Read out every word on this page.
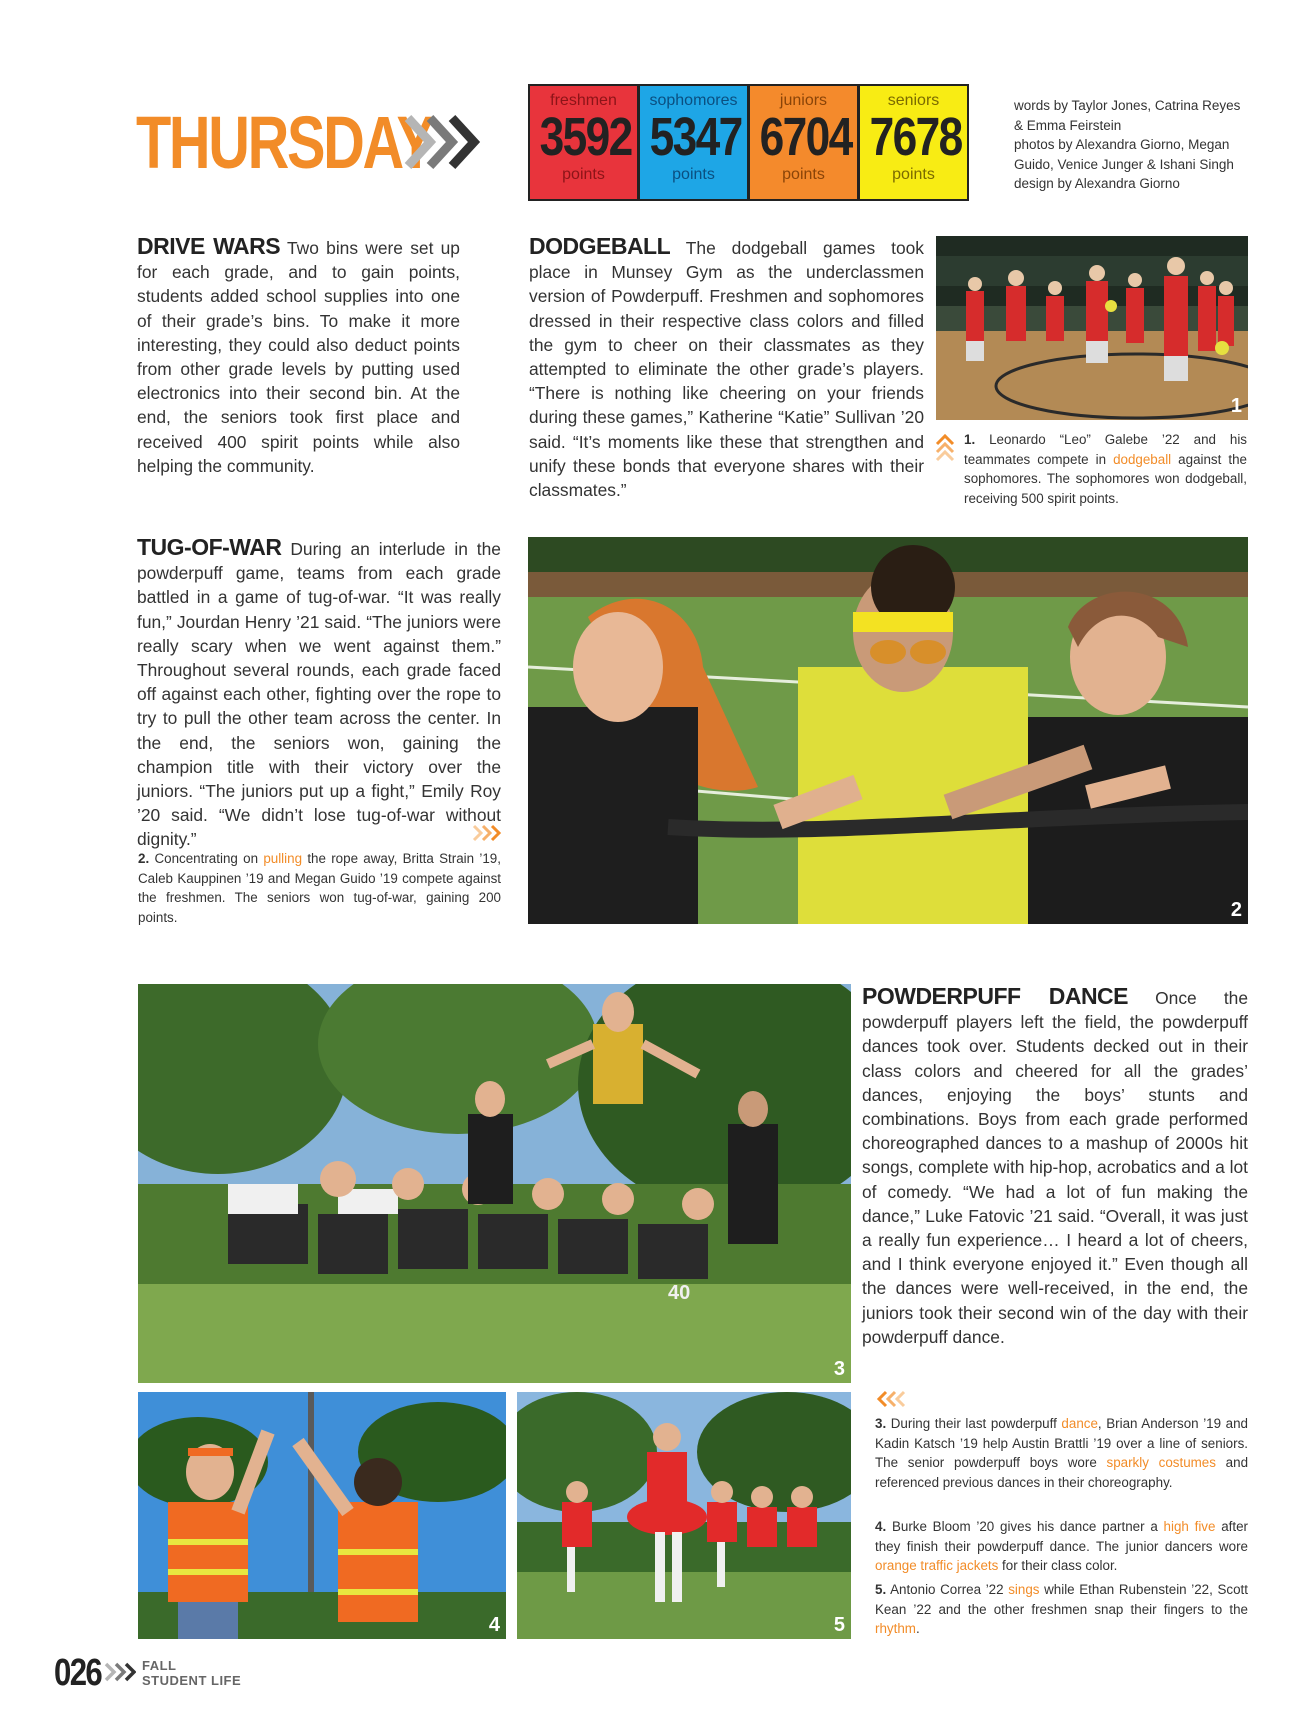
THURSDAY
freshmen
3592
points
sophomores
5347
points
juniors
6704
points
seniors
7678
points
words by Taylor Jones, Catrina Reyes
& Emma Feirstein
photos by Alexandra Giorno, Megan
Guido, Venice Junger & Ishani Singh
design by Alexandra Giorno
DRIVE WARS Two bins were set up for each grade, and to gain points, students added school supplies into one of their grade’s bins. To make it more interesting, they could also deduct points from other grade levels by putting used electronics into their second bin. At the end, the seniors took first place and received 400 spirit points while also helping the community.
DODGEBALL The dodgeball games took place in Munsey Gym as the underclassmen version of Powderpuff. Freshmen and sophomores dressed in their respective class colors and filled the gym to cheer on their classmates as they attempted to eliminate the other grade’s players. “There is nothing like cheering on your friends during these games,” Katherine “Katie” Sullivan ’20 said. “It’s moments like these that strengthen and unify these bonds that everyone shares with their classmates.”
1
1. Leonardo “Leo” Galebe ’22 and his teammates compete in dodgeball against the sophomores. The sophomores won dodgeball, receiving 500 spirit points.
TUG-OF-WAR During an interlude in the powderpuff game, teams from each grade battled in a game of tug-of-war. “It was really fun,” Jourdan Henry ’21 said. “The juniors were really scary when we went against them.” Throughout several rounds, each grade faced off against each other, fighting over the rope to try to pull the other team across the center. In the end, the seniors won, gaining the champion title with their victory over the juniors. “The juniors put up a fight,” Emily Roy ’20 said. “We didn’t lose tug-of-war without dignity.”
2. Concentrating on pulling the rope away, Britta Strain ’19, Caleb Kauppinen ’19 and Megan Guido ’19 compete against the freshmen. The seniors won tug-of-war, gaining 200 points.	2
40
3
POWDERPUFF DANCE Once the powderpuff players left the field, the powderpuff dances took over. Students decked out in their class colors and cheered for all the grades’ dances, enjoying the boys’ stunts and combinations. Boys from each grade performed choreographed dances to a mashup of 2000s hit songs, complete with hip-hop, acrobatics and a lot of comedy. “We had a lot of fun making the dance,” Luke Fatovic ’21 said. “Overall, it was just a really fun experience… I heard a lot of cheers, and I think everyone enjoyed it.” Even though all the dances were well-received, in the end, the juniors took their second win of the day with their powderpuff dance.
4	5
3. During their last powderpuff dance, Brian Anderson ’19 and Kadin Katsch ’19 help Austin Brattli ’19 over a line of seniors. The senior powderpuff boys wore sparkly costumes and referenced previous dances in their choreography.
4. Burke Bloom ’20 gives his dance partner a high five after they finish their powderpuff dance. The junior dancers wore orange traffic jackets for their class color.
5. Antonio Correa ’22 sings while Ethan Rubenstein ’22, Scott Kean ’22 and the other freshmen snap their fingers to the rhythm.
026	FALL
STUDENT LIFE
